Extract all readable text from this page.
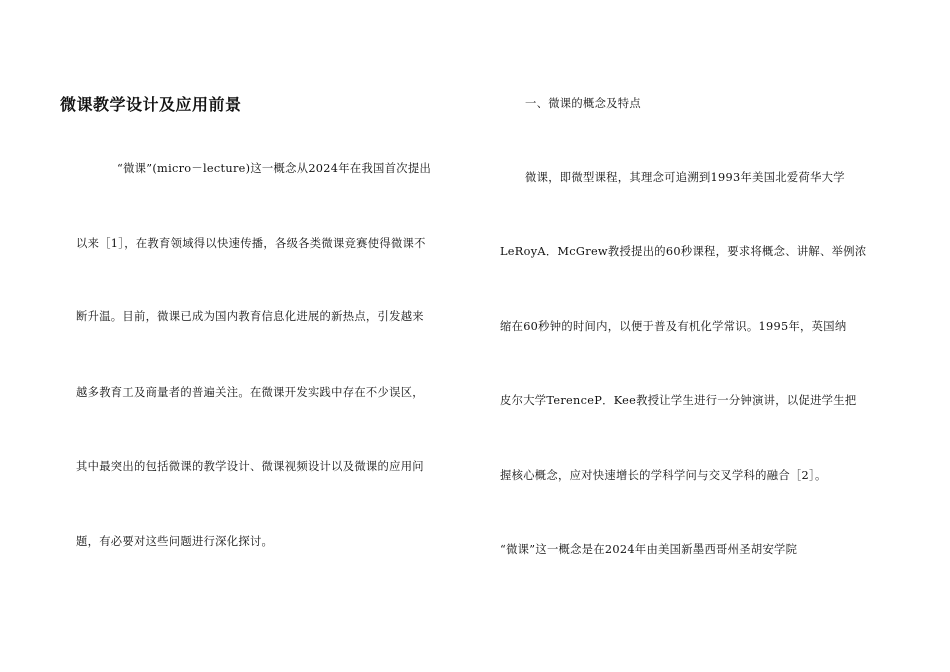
微课教学设计及应用前景
“微课”(micro－lecture)这一概念从2024年在我国首次提出
以来［1］，在教育领域得以快速传播，各级各类微课竞赛使得微课不
断升温。目前，微课已成为国内教育信息化进展的新热点，引发越来
越多教育工及商量者的普遍关注。在微课开发实践中存在不少误区，
其中最突出的包括微课的教学设计、微课视频设计以及微课的应用问
题，有必要对这些问题进行深化探讨。
一、微课的概念及特点
微课，即微型课程，其理念可追溯到1993年美国北爱荷华大学
LeRoyA．McGrew教授提出的60秒课程，要求将概念、讲解、举例浓
缩在60秒钟的时间内，以便于普及有机化学常识。1995年，英国纳
皮尔大学TerenceP．Kee教授让学生进行一分钟演讲，以促进学生把
握核心概念，应对快速增长的学科学问与交叉学科的融合［2］。
“微课”这一概念是在2024年由美国新墨西哥州圣胡安学院
